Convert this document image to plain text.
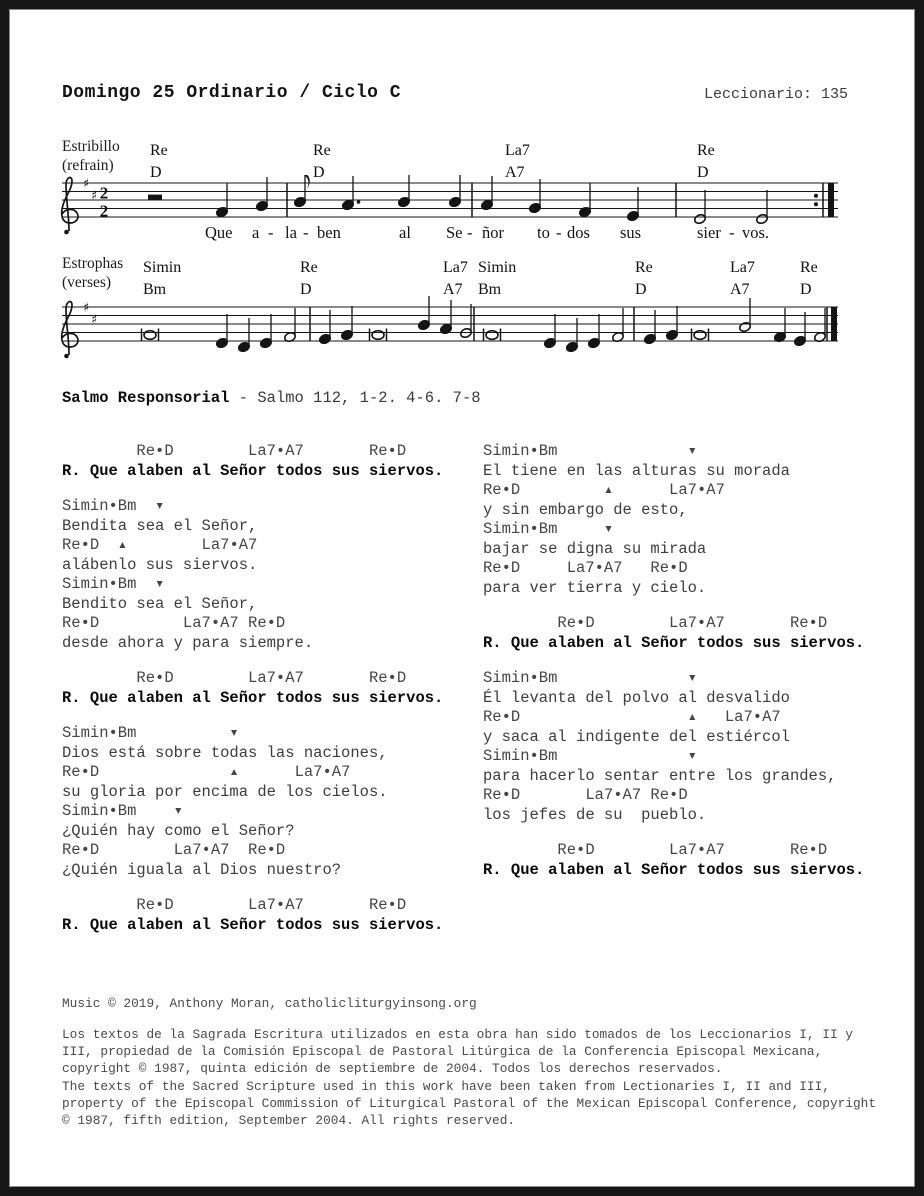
Domingo 25 Ordinario / Ciclo C	Leccionario: 135
Estribillo
(refrain)
Re
D
Re
D
La7
A7
Re
D
♯
♯ 2
2
Que a - la - ben	al Se - ñor to - dos sus	sier - vos.
Estrophas
(verses)
Simin
Bm
Re
D
La7
A7
Simin
Bm
Re
D
La7
A7
Re
D
♯
♯
Salmo Responsorial - Salmo 112, 1-2. 4-6. 7-8
Re•D        La7•A7       Re•D
R. Que alaben al Señor todos sus siervos.
Simin•Bm  ▾
Bendita sea el Señor,
Re•D  ▴        La7•A7
alábenlo sus siervos.
Simin•Bm  ▾
Bendito sea el Señor,
Re•D         La7•A7 Re•D
desde ahora y para siempre.
Re•D        La7•A7       Re•D
R. Que alaben al Señor todos sus siervos.
Simin•Bm          ▾
Dios está sobre todas las naciones,
Re•D              ▴      La7•A7
su gloria por encima de los cielos.
Simin•Bm    ▾
¿Quién hay como el Señor?
Re•D        La7•A7  Re•D
¿Quién iguala al Dios nuestro?
Re•D        La7•A7       Re•D
R. Que alaben al Señor todos sus siervos.
Simin•Bm              ▾
El tiene en las alturas su morada
Re•D         ▴      La7•A7
y sin embargo de esto,
Simin•Bm     ▾
bajar se digna su mirada
Re•D     La7•A7   Re•D
para ver tierra y cielo.
Re•D        La7•A7       Re•D
R. Que alaben al Señor todos sus siervos.
Simin•Bm              ▾
Él levanta del polvo al desvalido
Re•D                  ▴   La7•A7
y saca al indigente del estiércol
Simin•Bm              ▾
para hacerlo sentar entre los grandes,
Re•D       La7•A7 Re•D
los jefes de su  pueblo.
Re•D        La7•A7       Re•D
R. Que alaben al Señor todos sus siervos.
Music © 2019, Anthony Moran, catholicliturgyinsong.org
Los textos de la Sagrada Escritura utilizados en esta obra han sido tomados de los Leccionarios I, II y III, propiedad de la Comisión Episcopal de Pastoral Litúrgica de la Conferencia Episcopal Mexicana, copyright © 1987, quinta edición de septiembre de 2004. Todos los derechos reservados.
The texts of the Sacred Scripture used in this work have been taken from Lectionaries I, II and III, property of the Episcopal Commission of Liturgical Pastoral of the Mexican Episcopal Conference, copyright © 1987, fifth edition, September 2004. All rights reserved.
